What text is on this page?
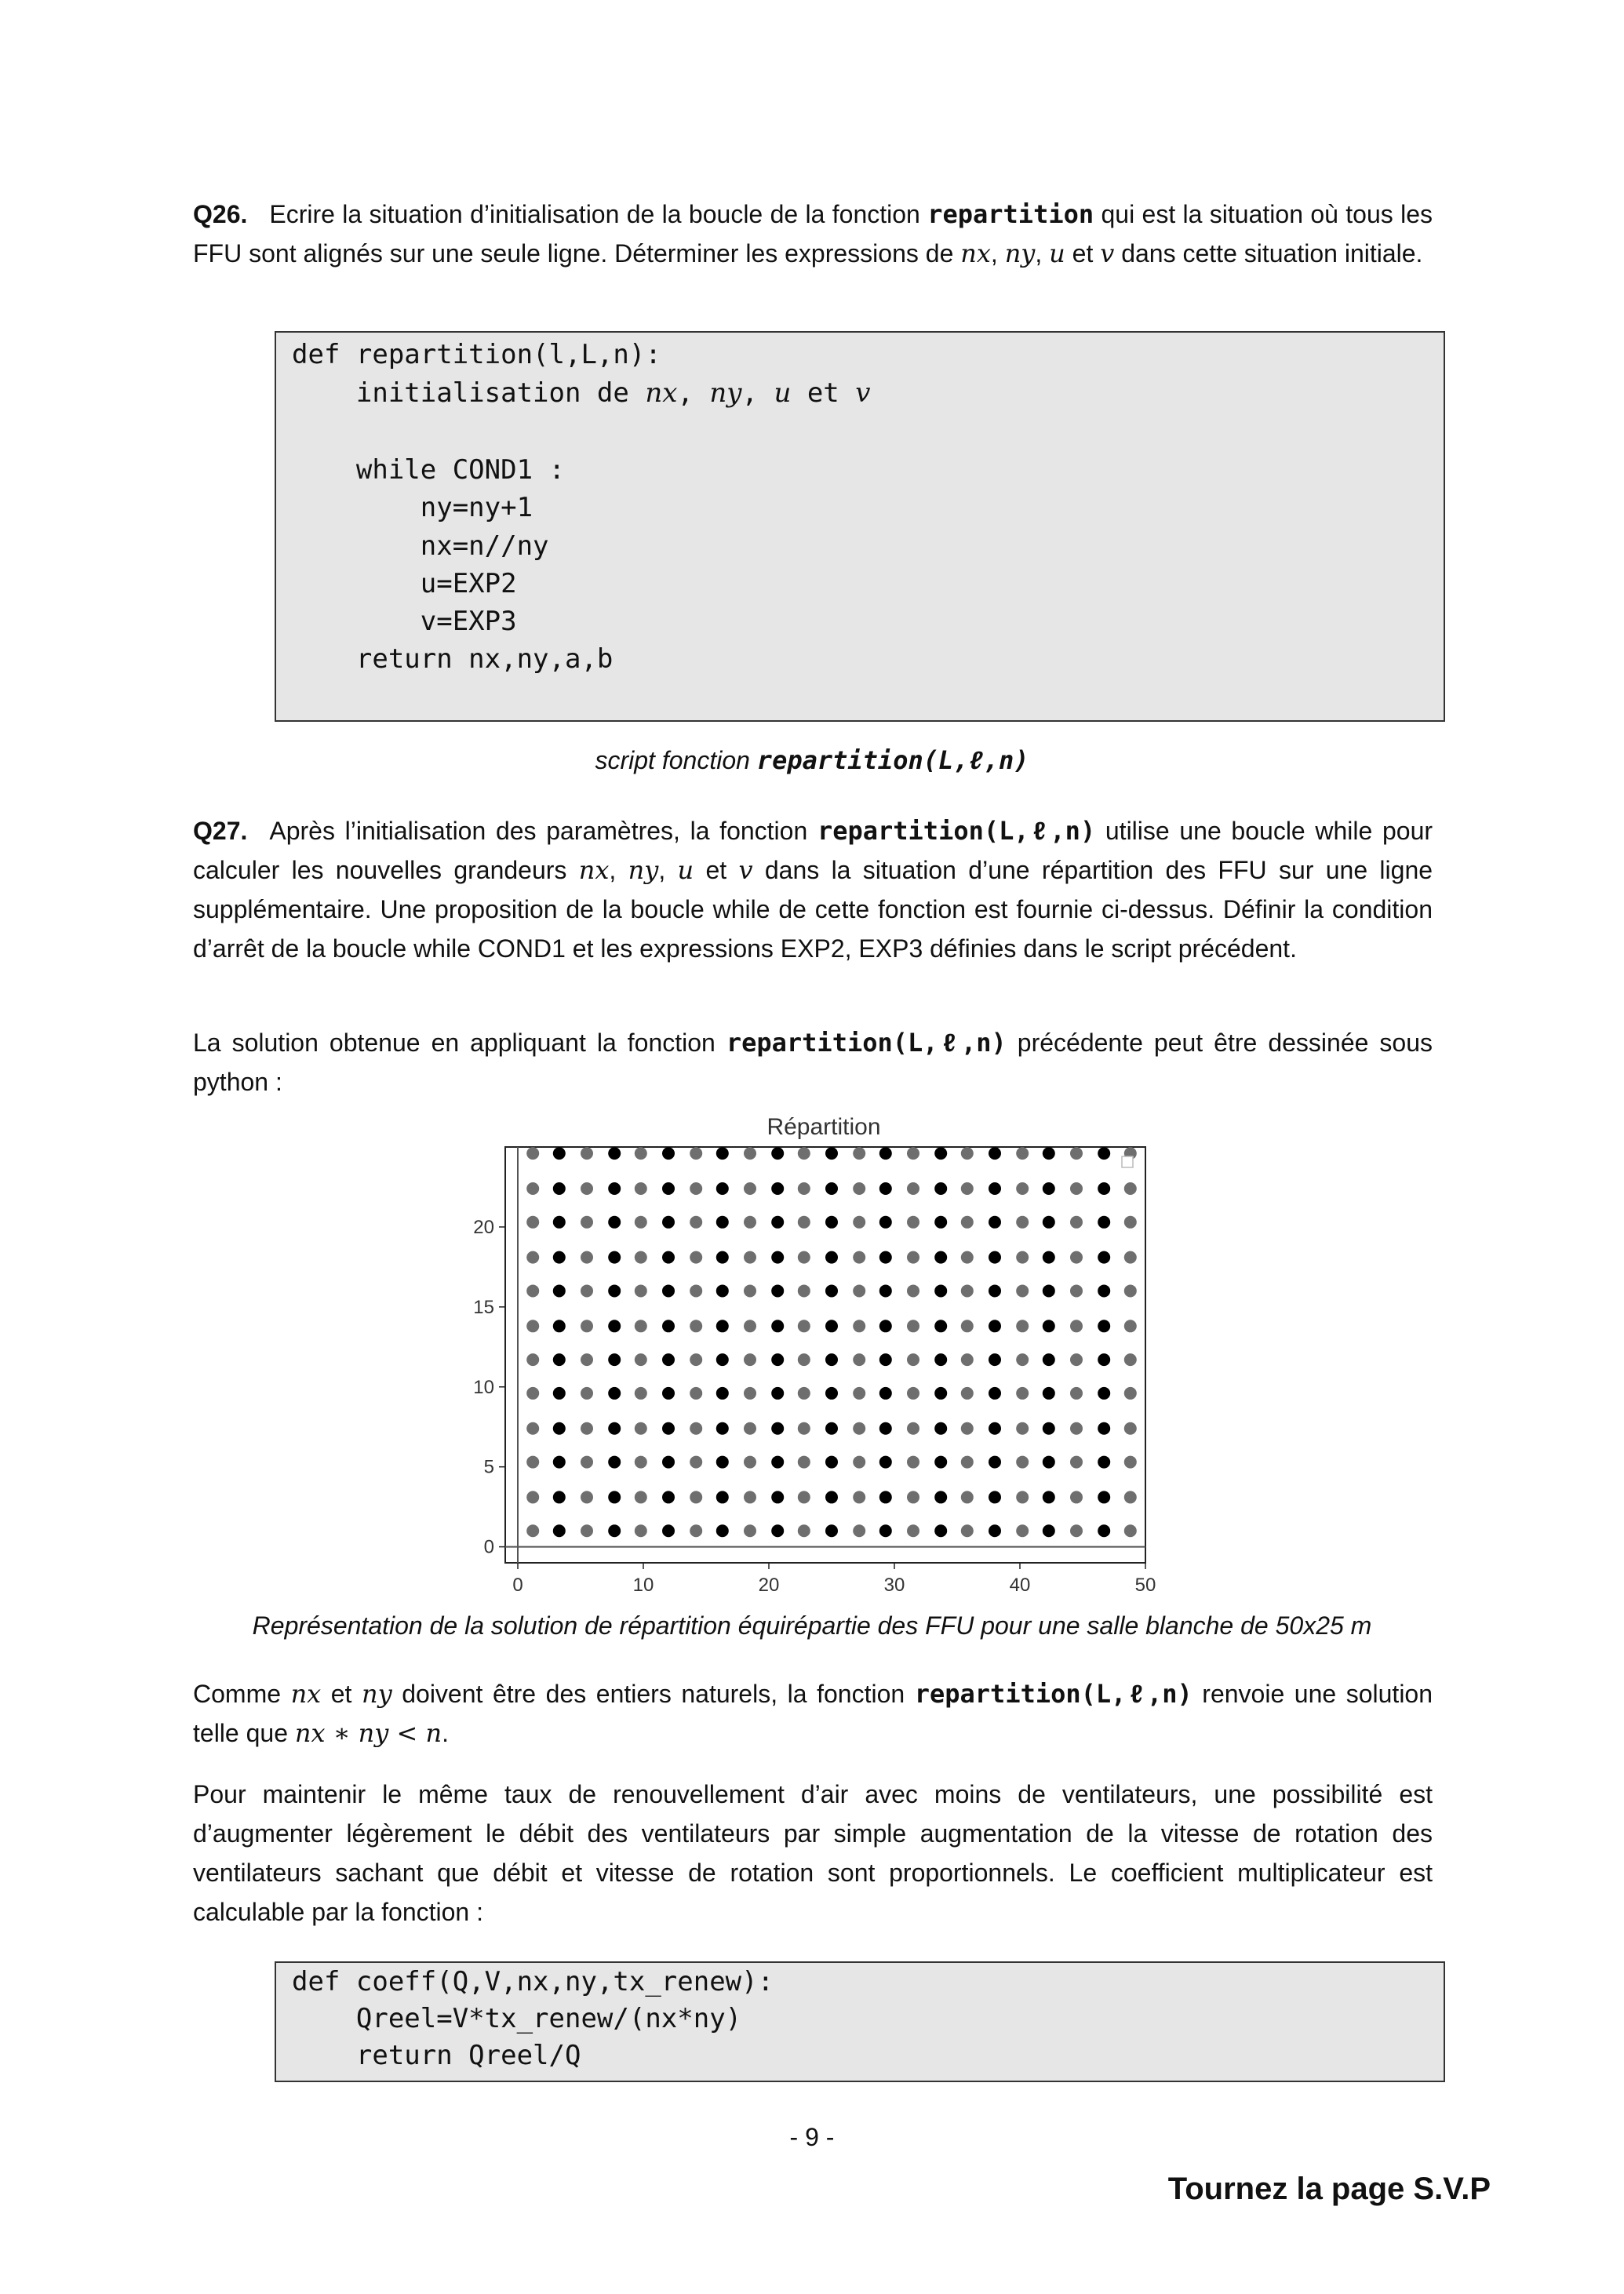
Q26. Ecrire la situation d’initialisation de la boucle de la fonction repartition qui est la situation où tous les FFU sont alignés sur une seule ligne. Déterminer les expressions de nx, ny, u et v dans cette situation initiale.
def repartition(l,L,n):
initialisation de nx, ny, u et v
while COND1 :
ny=ny+1
nx=n//ny
u=EXP2
v=EXP3
return nx,ny,a,b
script fonction repartition(L,ℓ,n)
Q27. Après l’initialisation des paramètres, la fonction repartition(L,ℓ,n) utilise une boucle while pour calculer les nouvelles grandeurs nx, ny, u et v dans la situation d’une répartition des FFU sur une ligne supplémentaire. Une proposition de la boucle while de cette fonction est fournie ci-dessus. Définir la condition d’arrêt de la boucle while COND1 et les expressions EXP2, EXP3 définies dans le script précédent.
La solution obtenue en appliquant la fonction repartition(L,ℓ,n) précédente peut être dessinée sous python :
Répartition
0	10	20	30	40	50
0
5
10
15
20
Représentation de la solution de répartition équirépartie des FFU pour une salle blanche de 50x25 m
Comme nx et ny doivent être des entiers naturels, la fonction repartition(L,ℓ,n) renvoie une solution telle que nx ∗ ny < n.
Pour maintenir le même taux de renouvellement d’air avec moins de ventilateurs, une possibilité est d’augmenter légèrement le débit des ventilateurs par simple augmentation de la vitesse de rotation des ventilateurs sachant que débit et vitesse de rotation sont proportionnels. Le coefficient multiplicateur est calculable par la fonction :
def coeff(Q,V,nx,ny,tx_renew):
Qreel=V*tx_renew/(nx*ny)
return Qreel/Q
- 9 -
Tournez la page S.V.P
